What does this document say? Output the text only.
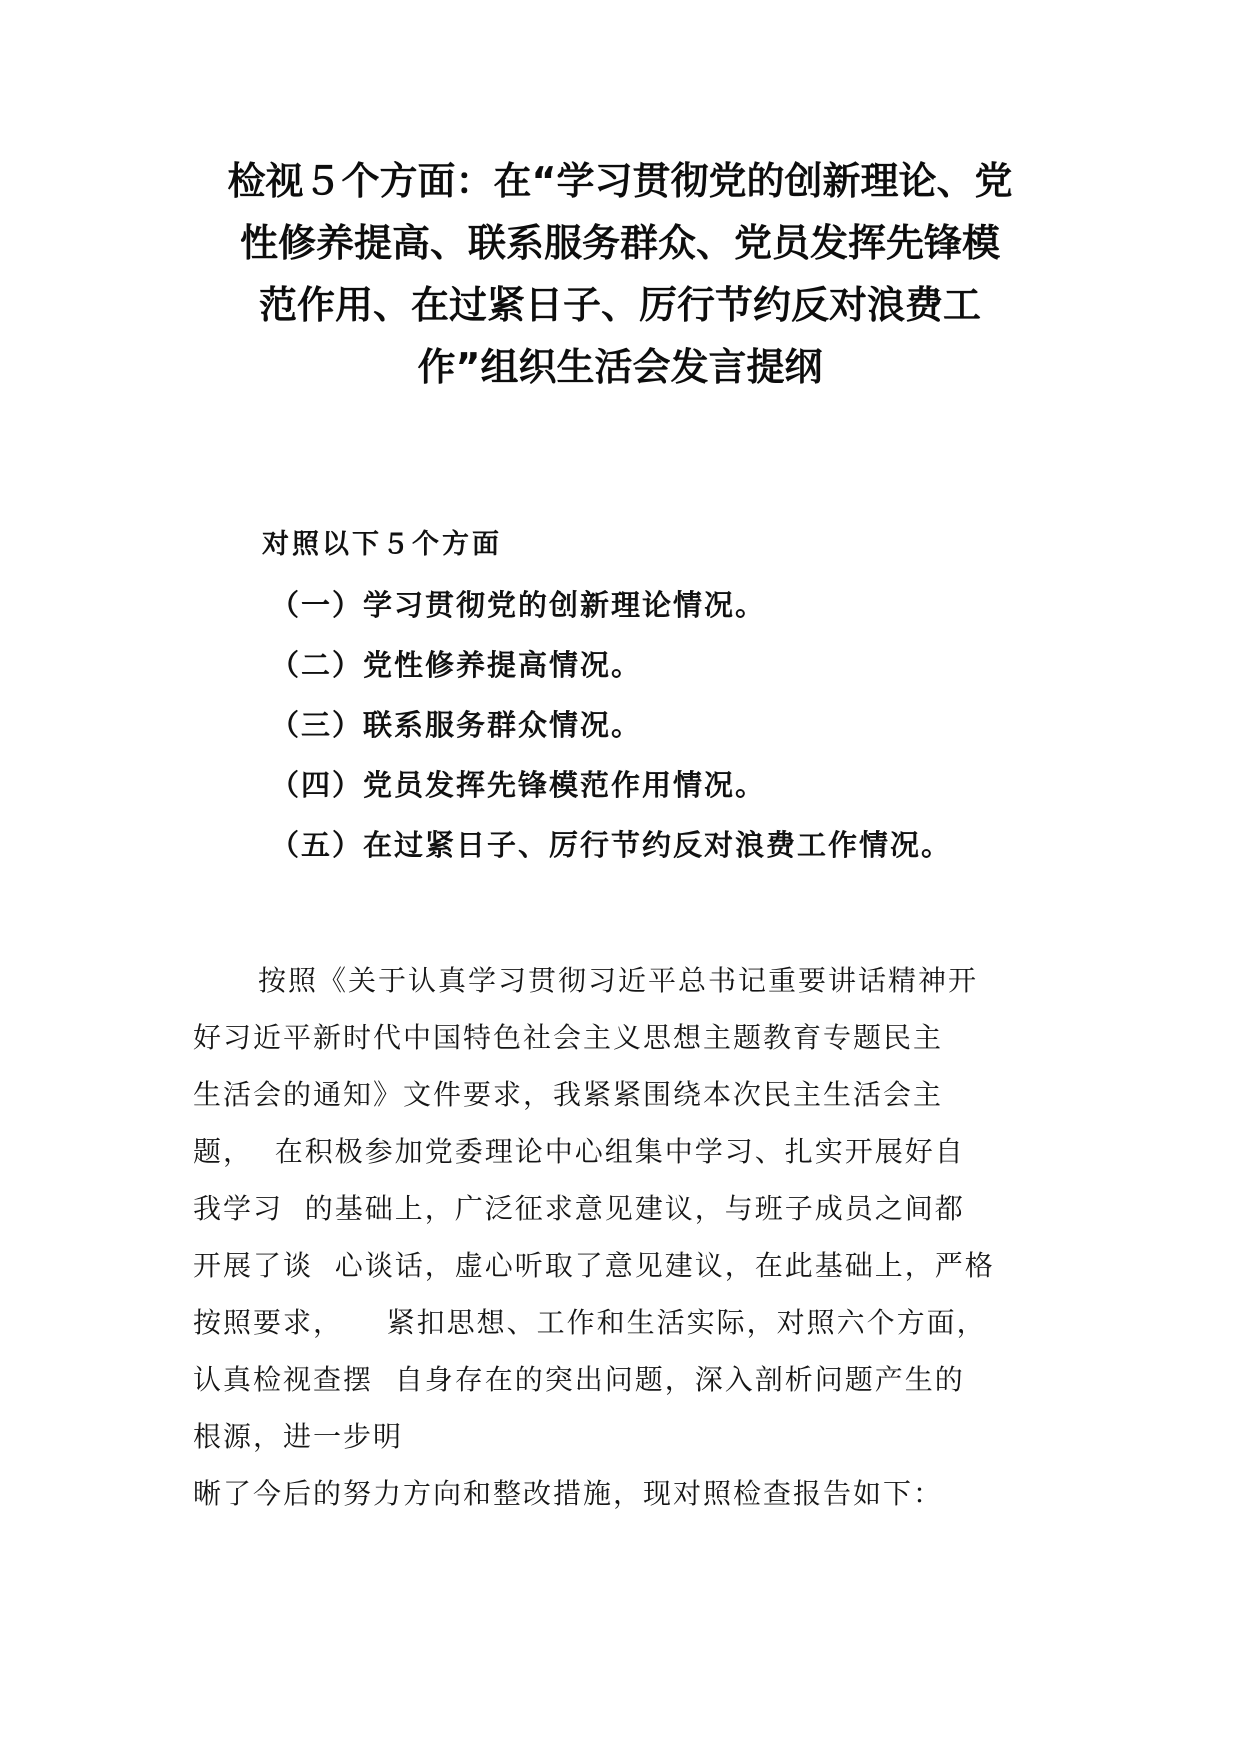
检视５个方面：在“学习贯彻党的创新理论、党
性修养提高、联系服务群众、党员发挥先锋模
范作用、在过紧日子、厉行节约反对浪费工
作”组织生活会发言提纲

对照以下５个方面

（一）学习贯彻党的创新理论情况。
（二）党性修养提高情况。
（三）联系服务群众情况。
（四）党员发挥先锋模范作用情况。
（五）在过紧日子、厉行节约反对浪费工作情况。
按照《关于认真学习贯彻习近平总书记重要讲话精神开
好习近平新时代中国特色社会主义思想主题教育专题民主
生活会的通知》文件要求，我紧紧围绕本次民主生活会主
题，  在积极参加党委理论中心组集中学习、扎实开展好自
我学习  的基础上，广泛征求意见建议，与班子成员之间都
开展了谈  心谈话，虚心听取了意见建议，在此基础上，严格
按照要求，    紧扣思想、工作和生活实际，对照六个方面，
认真检视查摆  自身存在的突出问题，深入剖析问题产生的
根源，进一步明
晰了今后的努力方向和整改措施，现对照检查报告如下：
